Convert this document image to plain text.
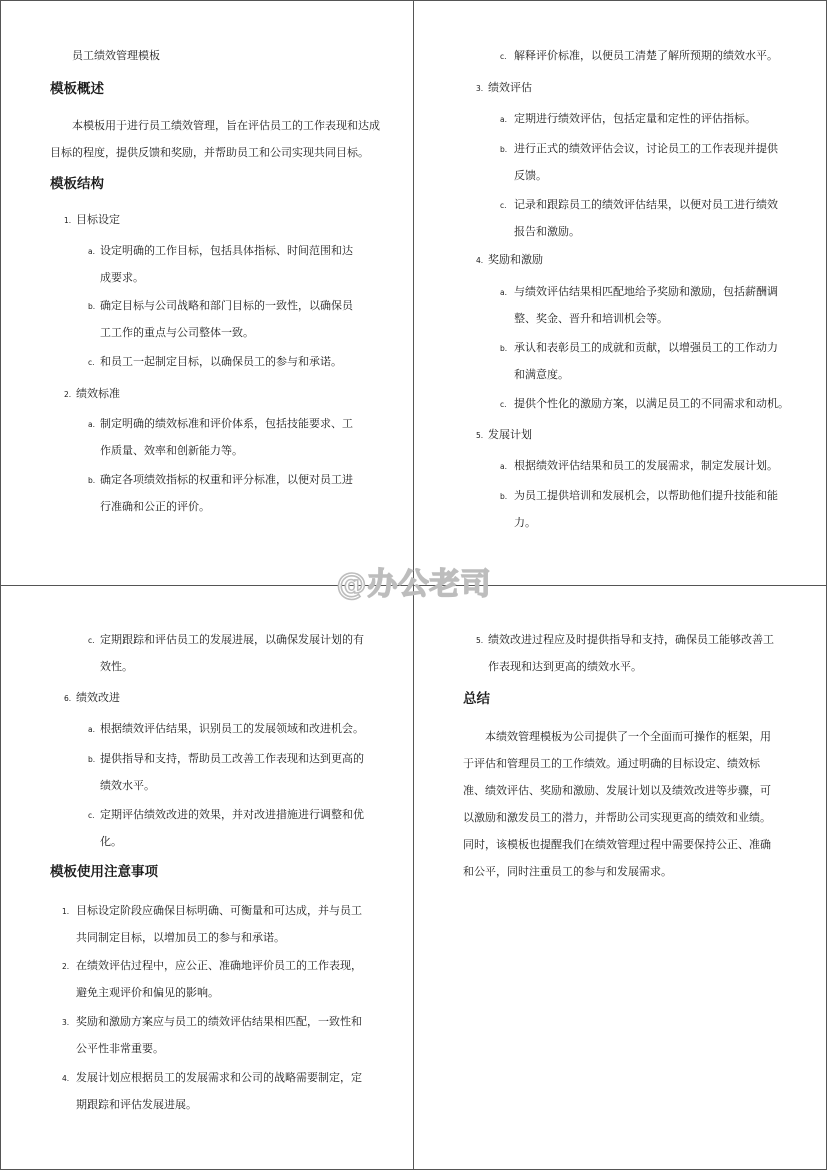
员工绩效管理模板
模板概述
本模板用于进行员工绩效管理，旨在评估员工的工作表现和达成目标的程度，提供反馈和奖励，并帮助员工和公司实现共同目标。
模板结构
1. 目标设定
a. 设定明确的工作目标，包括具体指标、时间范围和达成要求。
b. 确定目标与公司战略和部门目标的一致性，以确保员工工作的重点与公司整体一致。
c. 和员工一起制定目标，以确保员工的参与和承诺。
2. 绩效标准
a. 制定明确的绩效标准和评价体系，包括技能要求、工作质量、效率和创新能力等。
b. 确定各项绩效指标的权重和评分标准，以便对员工进行准确和公正的评价。
c. 解释评价标准，以便员工清楚了解所预期的绩效水平。
3. 绩效评估
a. 定期进行绩效评估，包括定量和定性的评估指标。
b. 进行正式的绩效评估会议，讨论员工的工作表现并提供反馈。
c. 记录和跟踪员工的绩效评估结果，以便对员工进行绩效报告和激励。
4. 奖励和激励
a. 与绩效评估结果相匹配地给予奖励和激励，包括薪酬调整、奖金、晋升和培训机会等。
b. 承认和表彰员工的成就和贡献，以增强员工的工作动力和满意度。
c. 提供个性化的激励方案，以满足员工的不同需求和动机。
5. 发展计划
a. 根据绩效评估结果和员工的发展需求，制定发展计划。
b. 为员工提供培训和发展机会，以帮助他们提升技能和能力。
c. 定期跟踪和评估员工的发展进展，以确保发展计划的有效性。
6. 绩效改进
a. 根据绩效评估结果，识别员工的发展领域和改进机会。
b. 提供指导和支持，帮助员工改善工作表现和达到更高的绩效水平。
c. 定期评估绩效改进的效果，并对改进措施进行调整和优化。
模板使用注意事项
1. 目标设定阶段应确保目标明确、可衡量和可达成，并与员工共同制定目标，以增加员工的参与和承诺。
2. 在绩效评估过程中，应公正、准确地评价员工的工作表现，避免主观评价和偏见的影响。
3. 奖励和激励方案应与员工的绩效评估结果相匹配，一致性和公平性非常重要。
4. 发展计划应根据员工的发展需求和公司的战略需要制定，定期跟踪和评估发展进展。
5. 绩效改进过程应及时提供指导和支持，确保员工能够改善工作表现和达到更高的绩效水平。
总结
本绩效管理模板为公司提供了一个全面而可操作的框架，用于评估和管理员工的工作绩效。通过明确的目标设定、绩效标准、绩效评估、奖励和激励、发展计划以及绩效改进等步骤，可以激励和激发员工的潜力，并帮助公司实现更高的绩效和业绩。同时，该模板也提醒我们在绩效管理过程中需要保持公正、准确和公平，同时注重员工的参与和发展需求。
@办公老司
